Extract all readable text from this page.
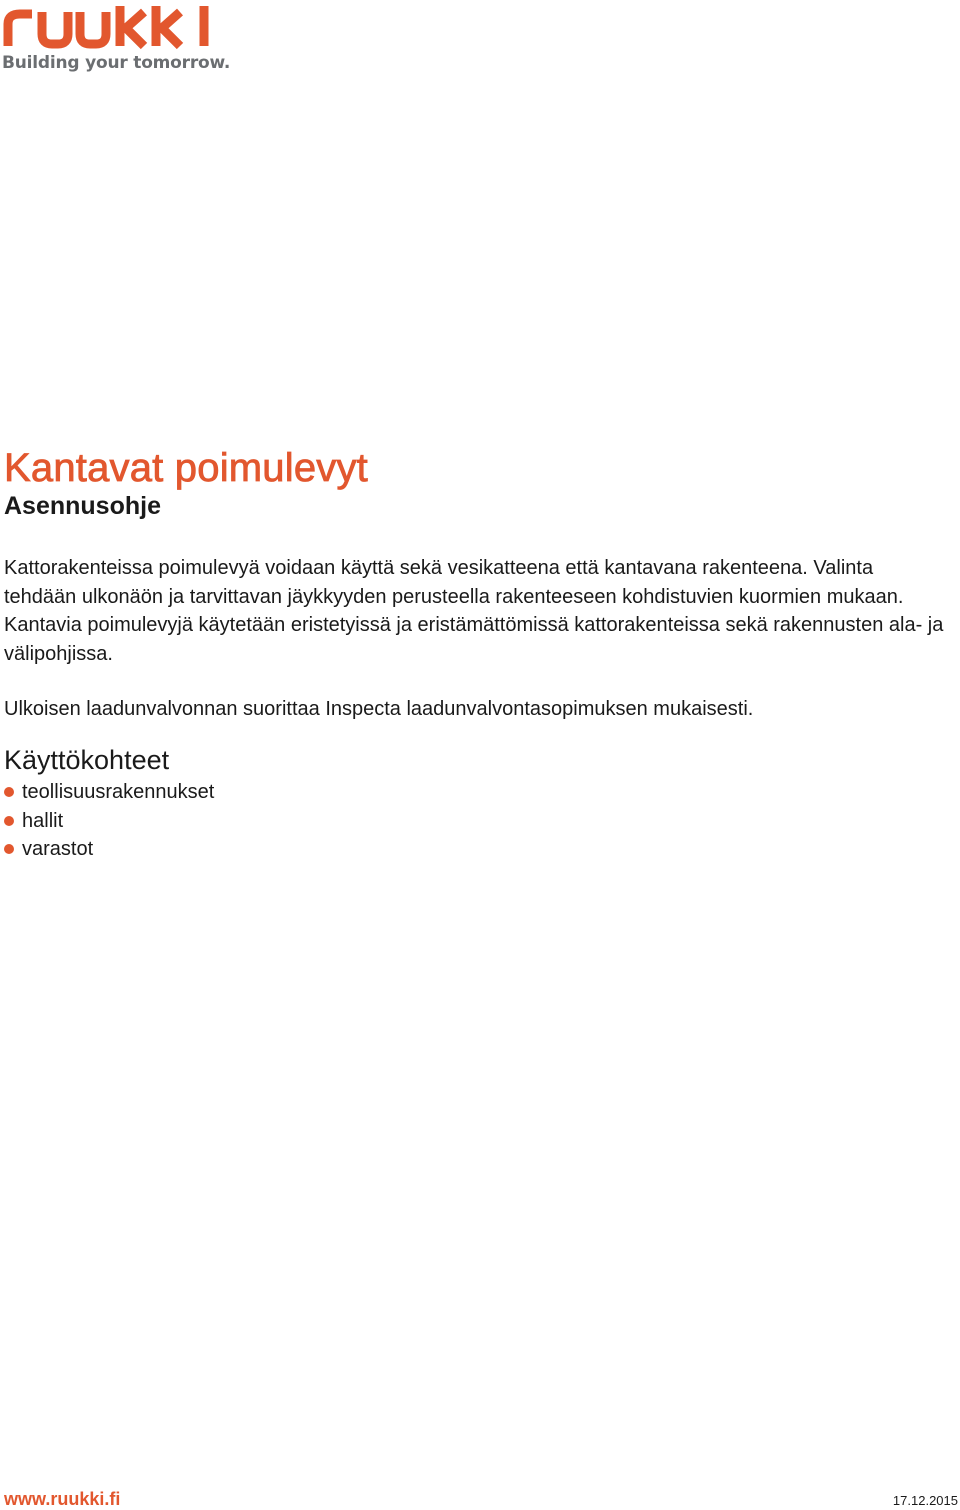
Building your tomorrow.
Kantavat poimulevyt
Asennusohje

Kattorakenteissa poimulevyä voidaan käyttä sekä vesikatteena että kantavana rakenteena. Valinta tehdään ulkonäön ja tarvittavan jäykkyyden perusteella rakenteeseen kohdistuvien kuormien mukaan. Kantavia poimulevyjä käytetään eristetyissä ja eristämättömissä kattorakenteissa sekä rakennusten ala- ja välipohjissa.

Ulkoisen laadunvalvonnan suorittaa Inspecta laadunvalvontasopimuksen mukaisesti.

Käyttökohteet
teollisuusrakennukset
hallit
varastot
www.ruukki.fi	17.12.2015
